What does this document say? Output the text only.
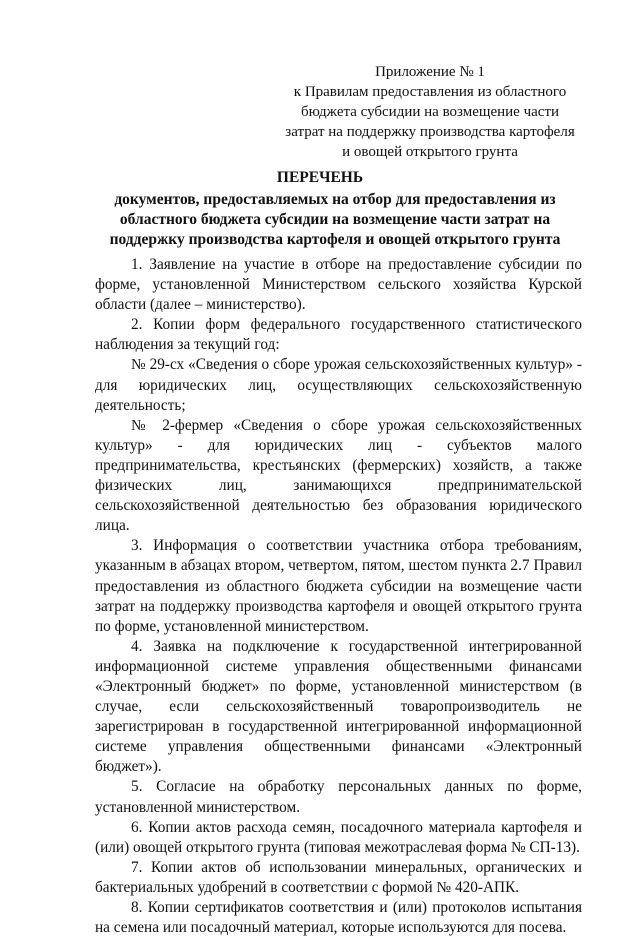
Приложение № 1
к Правилам предоставления из областного
бюджета субсидии на возмещение части
затрат на поддержку производства картофеля
и овощей открытого грунта
ПЕРЕЧЕНЬ
документов, предоставляемых на отбор для предоставления из
областного бюджета субсидии на возмещение части затрат на
поддержку производства картофеля и овощей открытого грунта

1. Заявление на участие в отборе на предоставление субсидии по форме, установленной Министерством сельского хозяйства Курской области (далее – министерство).

2. Копии форм федерального государственного статистического наблюдения за текущий год:

№ 29-сх «Сведения о сборе урожая сельскохозяйственных культур» - для юридических лиц, осуществляющих сельскохозяйственную деятельность;

№ 2-фермер «Сведения о сборе урожая сельскохозяйственных культур» - для юридических лиц - субъектов малого предпринимательства, крестьянских (фермерских) хозяйств, а также физических лиц, занимающихся предпринимательской сельскохозяйственной деятельностью без образования юридического лица.

3. Информация о соответствии участника отбора требованиям, указанным в абзацах втором, четвертом, пятом, шестом пункта 2.7 Правил предоставления из областного бюджета субсидии на возмещение части затрат на поддержку производства картофеля и овощей открытого грунта по форме, установленной министерством.

4. Заявка на подключение к государственной интегрированной информационной системе управления общественными финансами «Электронный бюджет» по форме, установленной министерством (в случае, если сельскохозяйственный товаропроизводитель не зарегистрирован в государственной интегрированной информационной системе управления общественными финансами «Электронный бюджет»).

5. Согласие на обработку персональных данных по форме, установленной министерством.

6. Копии актов расхода семян, посадочного материала картофеля и (или) овощей открытого грунта (типовая межотраслевая форма № СП-13).

7. Копии актов об использовании минеральных, органических и бактериальных удобрений в соответствии с формой № 420-АПК.

8. Копии сертификатов соответствия и (или) протоколов испытания на семена или посадочный материал, которые используются для посева.
